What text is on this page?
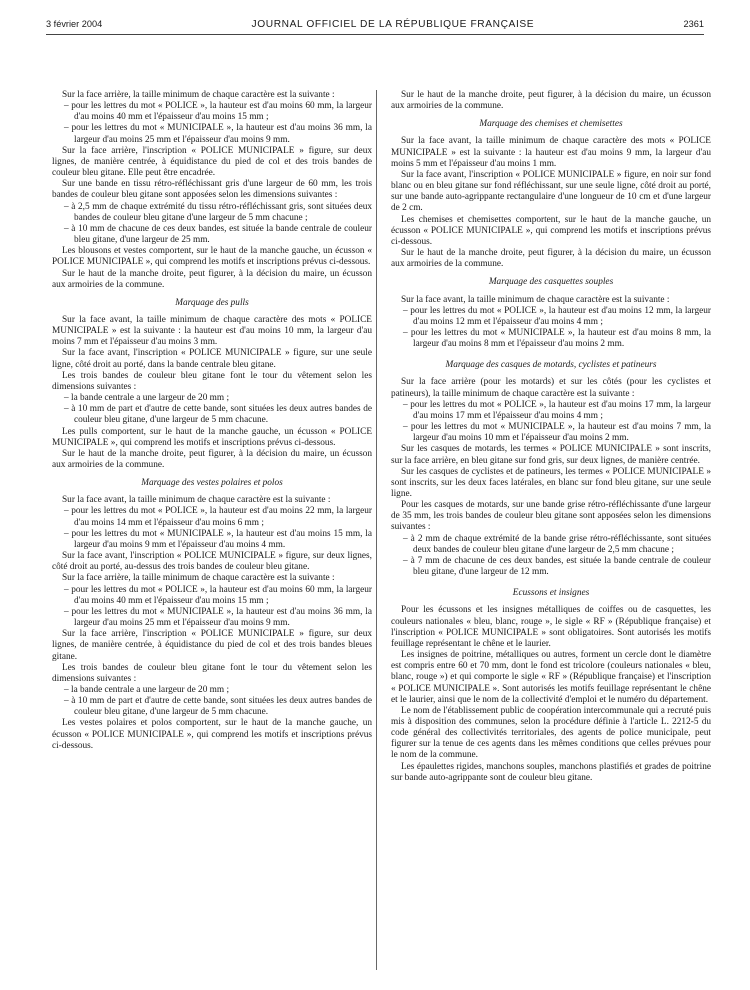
3 février 2004	JOURNAL OFFICIEL DE LA RÉPUBLIQUE FRANÇAISE	2361

Sur la face arrière, la taille minimum de chaque caractère est la suivante :

– pour les lettres du mot « POLICE », la hauteur est d'au moins 60 mm, la largeur d'au moins 40 mm et l'épaisseur d'au moins 15 mm ;
– pour les lettres du mot « MUNICIPALE », la hauteur est d'au moins 36 mm, la largeur d'au moins 25 mm et l'épaisseur d'au moins 9 mm.

Sur la face arrière, l'inscription « POLICE MUNICIPALE » figure, sur deux lignes, de manière centrée, à équidistance du pied de col et des trois bandes de couleur bleu gitane. Elle peut être encadrée.

Sur une bande en tissu rétro-réfléchissant gris d'une largeur de 60 mm, les trois bandes de couleur bleu gitane sont apposées selon les dimensions suivantes :

– à 2,5 mm de chaque extrémité du tissu rétro-réfléchissant gris, sont situées deux bandes de couleur bleu gitane d'une largeur de 5 mm chacune ;
– à 10 mm de chacune de ces deux bandes, est située la bande centrale de couleur bleu gitane, d'une largeur de 25 mm.

Les blousons et vestes comportent, sur le haut de la manche gauche, un écusson « POLICE MUNICIPALE », qui comprend les motifs et inscriptions prévus ci-dessous.

Sur le haut de la manche droite, peut figurer, à la décision du maire, un écusson aux armoiries de la commune.

Marquage des pulls

Sur la face avant, la taille minimum de chaque caractère des mots « POLICE MUNICIPALE » est la suivante : la hauteur est d'au moins 10 mm, la largeur d'au moins 7 mm et l'épaisseur d'au moins 3 mm.

Sur la face avant, l'inscription « POLICE MUNICIPALE » figure, sur une seule ligne, côté droit au porté, dans la bande centrale bleu gitane.

Les trois bandes de couleur bleu gitane font le tour du vêtement selon les dimensions suivantes :

– la bande centrale a une largeur de 20 mm ;
– à 10 mm de part et d'autre de cette bande, sont situées les deux autres bandes de couleur bleu gitane, d'une largeur de 5 mm chacune.

Les pulls comportent, sur le haut de la manche gauche, un écusson « POLICE MUNICIPALE », qui comprend les motifs et inscriptions prévus ci-dessous.

Sur le haut de la manche droite, peut figurer, à la décision du maire, un écusson aux armoiries de la commune.

Marquage des vestes polaires et polos

Sur la face avant, la taille minimum de chaque caractère est la suivante :

– pour les lettres du mot « POLICE », la hauteur est d'au moins 22 mm, la largeur d'au moins 14 mm et l'épaisseur d'au moins 6 mm ;
– pour les lettres du mot « MUNICIPALE », la hauteur est d'au moins 15 mm, la largeur d'au moins 9 mm et l'épaisseur d'au moins 4 mm.

Sur la face avant, l'inscription « POLICE MUNICIPALE » figure, sur deux lignes, côté droit au porté, au-dessus des trois bandes de couleur bleu gitane.

Sur la face arrière, la taille minimum de chaque caractère est la suivante :

– pour les lettres du mot « POLICE », la hauteur est d'au moins 60 mm, la largeur d'au moins 40 mm et l'épaisseur d'au moins 15 mm ;
– pour les lettres du mot « MUNICIPALE », la hauteur est d'au moins 36 mm, la largeur d'au moins 25 mm et l'épaisseur d'au moins 9 mm.

Sur la face arrière, l'inscription « POLICE MUNICIPALE » figure, sur deux lignes, de manière centrée, à équidistance du pied de col et des trois bandes bleues gitane.

Les trois bandes de couleur bleu gitane font le tour du vêtement selon les dimensions suivantes :

– la bande centrale a une largeur de 20 mm ;
– à 10 mm de part et d'autre de cette bande, sont situées les deux autres bandes de couleur bleu gitane, d'une largeur de 5 mm chacune.

Les vestes polaires et polos comportent, sur le haut de la manche gauche, un écusson « POLICE MUNICIPALE », qui comprend les motifs et inscriptions prévus ci-dessous.

Sur le haut de la manche droite, peut figurer, à la décision du maire, un écusson aux armoiries de la commune.

Marquage des chemises et chemisettes

Sur la face avant, la taille minimum de chaque caractère des mots « POLICE MUNICIPALE » est la suivante : la hauteur est d'au moins 9 mm, la largeur d'au moins 5 mm et l'épaisseur d'au moins 1 mm.

Sur la face avant, l'inscription « POLICE MUNICIPALE » figure, en noir sur fond blanc ou en bleu gitane sur fond réfléchissant, sur une seule ligne, côté droit au porté, sur une bande auto-agrippante rectangulaire d'une longueur de 10 cm et d'une largeur de 2 cm.

Les chemises et chemisettes comportent, sur le haut de la manche gauche, un écusson « POLICE MUNICIPALE », qui comprend les motifs et inscriptions prévus ci-dessous.

Sur le haut de la manche droite, peut figurer, à la décision du maire, un écusson aux armoiries de la commune.

Marquage des casquettes souples

Sur la face avant, la taille minimum de chaque caractère est la suivante :

– pour les lettres du mot « POLICE », la hauteur est d'au moins 12 mm, la largeur d'au moins 12 mm et l'épaisseur d'au moins 4 mm ;
– pour les lettres du mot « MUNICIPALE », la hauteur est d'au moins 8 mm, la largeur d'au moins 8 mm et l'épaisseur d'au moins 2 mm.

Marquage des casques de motards, cyclistes et patineurs

Sur la face arrière (pour les motards) et sur les côtés (pour les cyclistes et patineurs), la taille minimum de chaque caractère est la suivante :

– pour les lettres du mot « POLICE », la hauteur est d'au moins 17 mm, la largeur d'au moins 17 mm et l'épaisseur d'au moins 4 mm ;
– pour les lettres du mot « MUNICIPALE », la hauteur est d'au moins 7 mm, la largeur d'au moins 10 mm et l'épaisseur d'au moins 2 mm.

Sur les casques de motards, les termes « POLICE MUNICIPALE » sont inscrits, sur la face arrière, en bleu gitane sur fond gris, sur deux lignes, de manière centrée.

Sur les casques de cyclistes et de patineurs, les termes « POLICE MUNICIPALE » sont inscrits, sur les deux faces latérales, en blanc sur fond bleu gitane, sur une seule ligne.

Pour les casques de motards, sur une bande grise rétro-réfléchissante d'une largeur de 35 mm, les trois bandes de couleur bleu gitane sont apposées selon les dimensions suivantes :

– à 2 mm de chaque extrémité de la bande grise rétro-réfléchissante, sont situées deux bandes de couleur bleu gitane d'une largeur de 2,5 mm chacune ;
– à 7 mm de chacune de ces deux bandes, est située la bande centrale de couleur bleu gitane, d'une largeur de 12 mm.

Ecussons et insignes

Pour les écussons et les insignes métalliques de coiffes ou de casquettes, les couleurs nationales « bleu, blanc, rouge », le sigle « RF » (République française) et l'inscription « POLICE MUNICIPALE » sont obligatoires. Sont autorisés les motifs feuillage représentant le chêne et le laurier.

Les insignes de poitrine, métalliques ou autres, forment un cercle dont le diamètre est compris entre 60 et 70 mm, dont le fond est tricolore (couleurs nationales « bleu, blanc, rouge ») et qui comporte le sigle « RF » (République française) et l'inscription « POLICE MUNICIPALE ». Sont autorisés les motifs feuillage représentant le chêne et le laurier, ainsi que le nom de la collectivité d'emploi et le numéro du département.

Le nom de l'établissement public de coopération intercommunale qui a recruté puis mis à disposition des communes, selon la procédure définie à l'article L. 2212-5 du code général des collectivités territoriales, des agents de police municipale, peut figurer sur la tenue de ces agents dans les mêmes conditions que celles prévues pour le nom de la commune.

Les épaulettes rigides, manchons souples, manchons plastifiés et grades de poitrine sur bande auto-agrippante sont de couleur bleu gitane.
